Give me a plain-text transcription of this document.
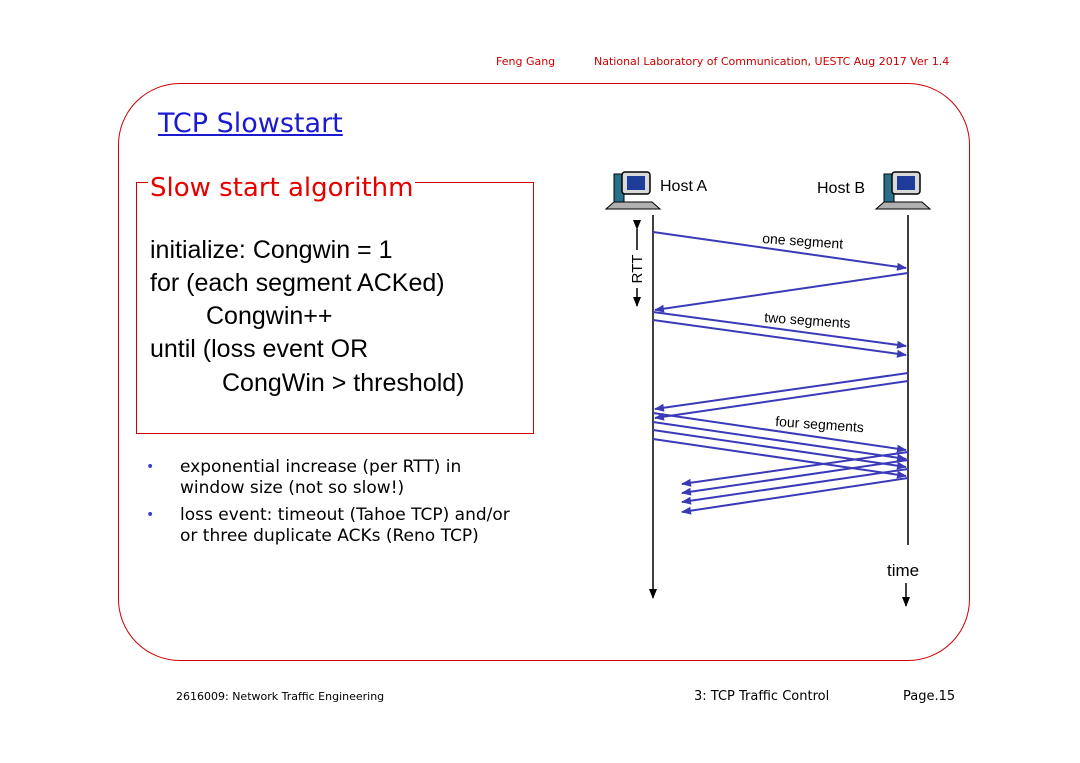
Feng Gang	National Laboratory of Communication, UESTC Aug 2017 Ver 1.4
TCP Slowstart
Slow start algorithm
initialize: Congwin = 1
for (each segment ACKed)
Congwin++
until (loss event OR
CongWin > threshold)
• exponential increase (per RTT) in window size (not so slow!)
• loss event: timeout (Tahoe TCP) and/or or three duplicate ACKs (Reno TCP)
Host A	Host B
RTT
time
one segment
two segments
four segments
2616009: Network Traffic Engineering	3: TCP Traffic Control	Page.15
